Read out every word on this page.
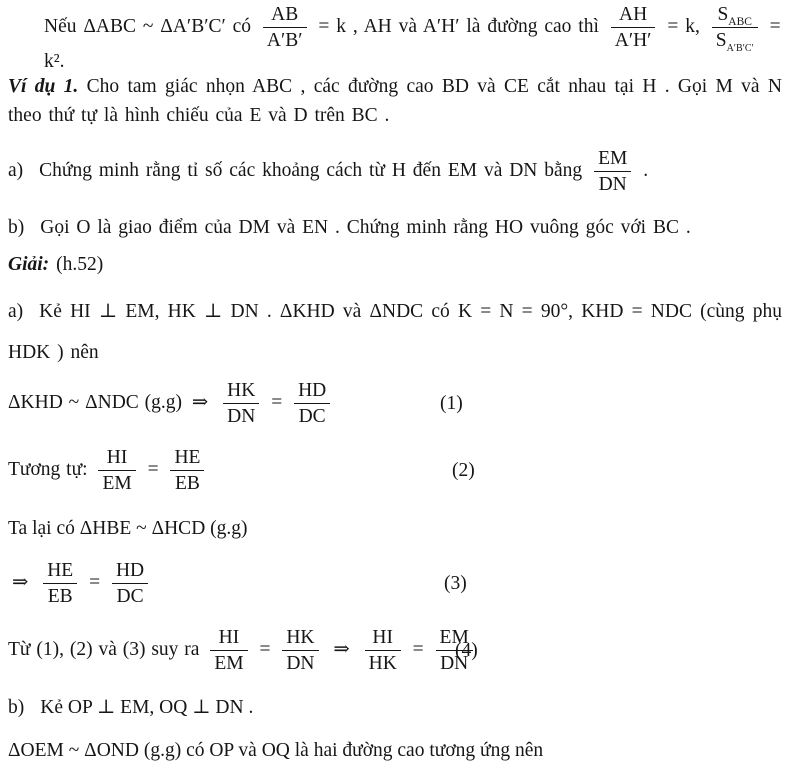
Nếu ΔABC ~ ΔA′B′C′ có $\frac{AB}{A'B'} = k$ , AH và A′H′ là đường cao thì $\frac{AH}{A'H'} = k$, $\frac{S_{ABC}}{S_{A'B'C'}} = k^2$.
Ví dụ 1. Cho tam giác nhọn ABC , các đường cao BD và CE cắt nhau tại H . Gọi M và N
theo thứ tự là hình chiếu của E và D trên BC .
a) Chứng minh rằng tỉ số các khoảng cách từ H đến EM và DN bằng $\frac{EM}{DN}$ .
b) Gọi O là giao điểm của DM và EN . Chứng minh rằng HO vuông góc với BC .
Giải: (h.52)
a) Kẻ HI ⊥ EM, HK ⊥ DN . ΔKHD và ΔNDC có K = N = 90°, KHD = NDC (cùng phụ
HDK ) nên
ΔKHD ~ ΔNDC (g.g) ⇒ $\frac{HK}{DN} = \frac{HD}{DC}$	(1)
Tương tự: $\frac{HI}{EM} = \frac{HE}{EB}$	(2)
Ta lại có ΔHBE ~ ΔHCD (g.g)
⇒ $\frac{HE}{EB} = \frac{HD}{DC}$	(3)
Từ (1), (2) và (3) suy ra $\frac{HI}{EM} = \frac{HK}{DN}$ ⇒ $\frac{HI}{HK} = \frac{EM}{DN}$
(4)
b) Kẻ OP ⊥ EM, OQ ⊥ DN .
ΔOEM ~ ΔOND (g.g) có OP và OQ là hai đường cao tương ứng nên
